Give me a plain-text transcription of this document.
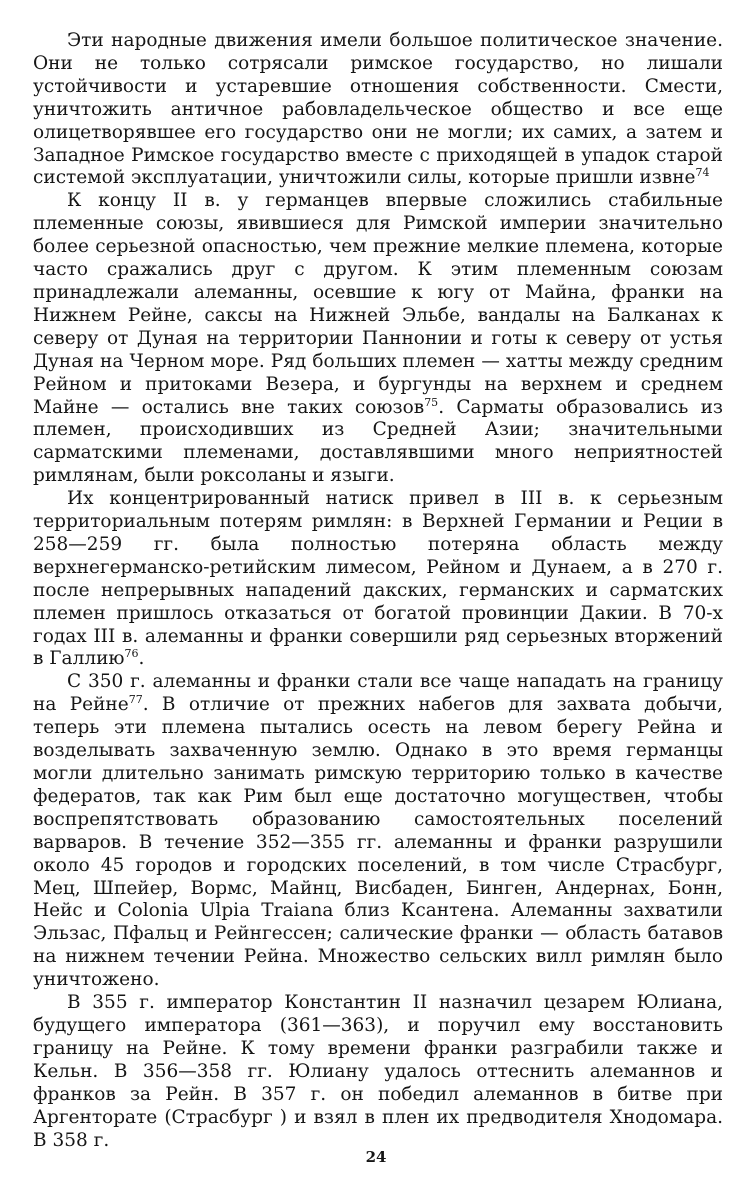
Эти народные движения имели большое политическое значение. Они не только сотрясали римское государство, но лишали устойчивости и устаревшие отношения собственности. Смести, уничтожить античное рабовладельческое общество и все еще олицетворявшее его государство они не могли; их самих, а затем и Западное Римское государство вместе с приходящей в упадок старой системой эксплуатации, уничтожили силы, которые пришли извне$^{74}$

К концу II в. у германцев впервые сложились стабильные племенные союзы, явившиеся для Римской империи значительно более серьезной опасностью, чем прежние мелкие племена, которые часто сражались друг с другом. К этим племенным союзам принадлежали алеманны, осевшие к югу от Майна, франки на Нижнем Рейне, саксы на Нижней Эльбе, вандалы на Балканах к северу от Дуная на территории Паннонии и готы к северу от устья Дуная на Черном море. Ряд больших племен — хатты между средним Рейном и притоками Везера, и бургунды на верхнем и среднем Майне — остались вне таких союзов$^{75}$. Сарматы образовались из племен, происходивших из Средней Азии; значительными сарматскими племенами, доставлявшими много неприятностей римлянам, были роксоланы и языги.

Их концентрированный натиск привел в III в. к серьезным территориальным потерям римлян: в Верхней Германии и Реции в 258—259 гг. была полностью потеряна область между верхнегерманско-ретийским лимесом, Рейном и Дунаем, а в 270 г. после непрерывных нападений дакских, германских и сарматских племен пришлось отказаться от богатой провинции Дакии. В 70-х годах III в. алеманны и франки совершили ряд серьезных вторжений в Галлию$^{76}$.

С 350 г. алеманны и франки стали все чаще нападать на границу на Рейне$^{77}$. В отличие от прежних набегов для захвата добычи, теперь эти племена пытались осесть на левом берегу Рейна и возделывать захваченную землю. Однако в это время германцы могли длительно занимать римскую территорию только в качестве федератов, так как Рим был еще достаточно могуществен, чтобы воспрепятствовать образованию самостоятельных поселений варваров. В течение 352—355 гг. алеманны и франки разрушили около 45 городов и городских поселений, в том числе Страсбург, Мец, Шпейер, Вормс, Майнц, Висбаден, Бинген, Андернах, Бонн, Нейс и Colonia Ulpia Traiana близ Ксантена. Алеманны захватили Эльзас, Пфальц и Рейнгессен; салические франки — область батавов на нижнем течении Рейна. Множество сельских вилл римлян было уничтожено.

В 355 г. император Константин II назначил цезарем Юлиана, будущего императора (361—363), и поручил ему восстановить границу на Рейне. К тому времени франки разграбили также и Кельн. В 356—358 гг. Юлиану удалось оттеснить алеманнов и франков за Рейн. В 357 г. он победил алеманнов в битве при Аргенторате (Страсбург ) и взял в плен их предводителя Хнодомара. В 358 г.

24
